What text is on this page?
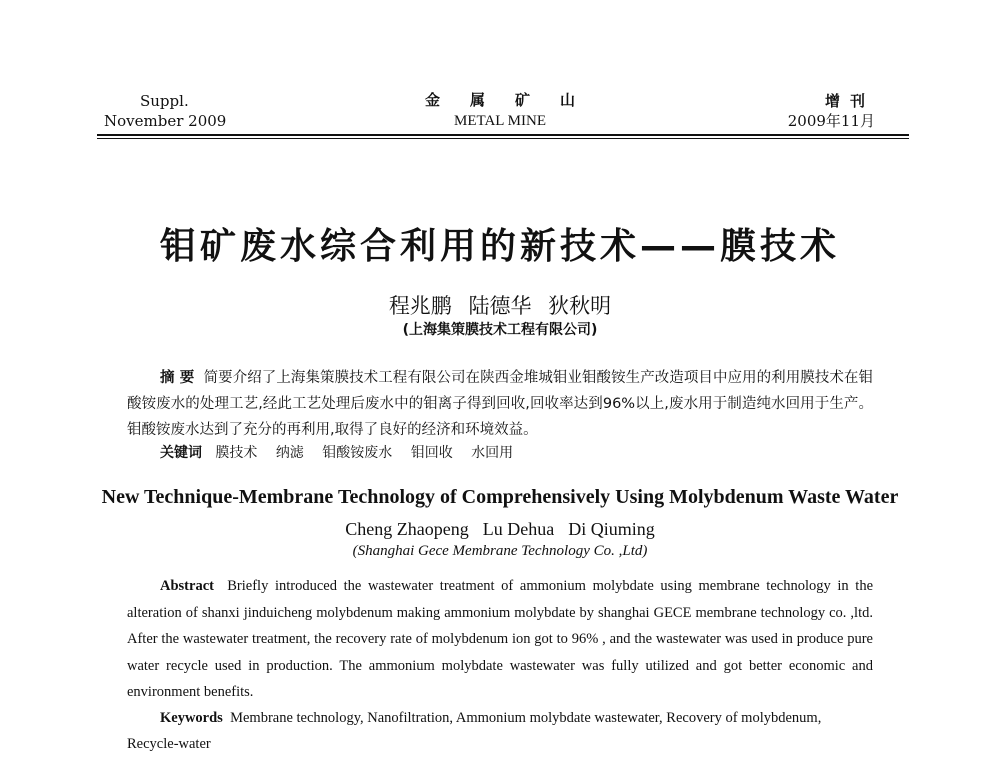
Suppl.
November 2009
金属矿山
METAL MINE
增刊
2009年11月
钼矿废水综合利用的新技术——膜技术
程兆鹏 陆德华 狄秋明
(上海集策膜技术工程有限公司)
摘 要 简要介绍了上海集策膜技术工程有限公司在陕西金堆城钼业钼酸铵生产改造项目中应用的利用膜技术在钼酸铵废水的处理工艺,经此工艺处理后废水中的钼离子得到回收,回收率达到96%以上,废水用于制造纯水回用于生产。钼酸铵废水达到了充分的再利用,取得了良好的经济和环境效益。
关键词 膜技术 纳滤 钼酸铵废水 钼回收 水回用
New Technique-Membrane Technology of Comprehensively Using Molybdenum Waste Water
Cheng Zhaopeng Lu Dehua Di Qiuming
(Shanghai Gece Membrane Technology Co. ,Ltd)
Abstract Briefly introduced the wastewater treatment of ammonium molybdate using membrane technology in the alteration of shanxi jinduicheng molybdenum making ammonium molybdate by shanghai GECE membrane technology co. ,ltd. After the wastewater treatment, the recovery rate of molybdenum ion got to 96% , and the wastewater was used in produce pure water recycle used in production. The ammonium molybdate wastewater was fully utilized and got better economic and environment benefits.
Keywords Membrane technology, Nanofiltration, Ammonium molybdate wastewater, Recovery of molybdenum, Recycle-water
